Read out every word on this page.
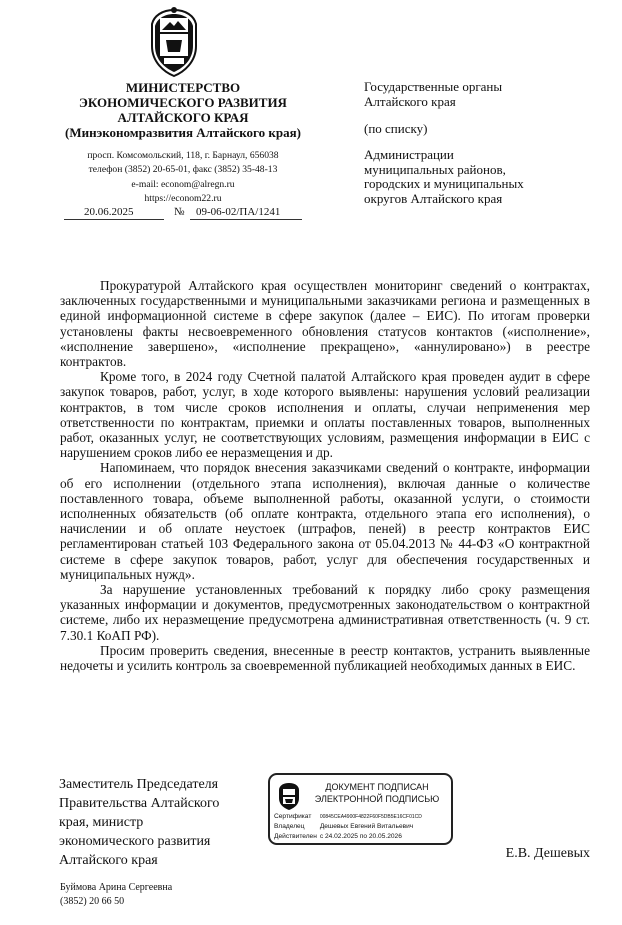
МИНИСТЕРСТВО
ЭКОНОМИЧЕСКОГО РАЗВИТИЯ
АЛТАЙСКОГО КРАЯ
(Минэкономразвития Алтайского края)
просп. Комсомольский, 118, г. Барнаул, 656038
телефон (3852) 20-65-01, факс (3852) 35-48-13
e-mail: econom@alregn.ru
https://econom22.ru
20.06.2025	№ 09-06-02/ПА/1241
Государственные органы
Алтайского края
(по списку)
Администрации
муниципальных районов,
городских и муниципальных
округов Алтайского края

Прокуратурой Алтайского края осуществлен мониторинг сведений о контрактах, заключенных государственными и муниципальными заказчиками региона и размещенных в единой информационной системе в сфере закупок (далее – ЕИС). По итогам проверки установлены факты несвоевременного обновления статусов контактов («исполнение», «исполнение завершено», «исполнение прекращено», «аннулировано») в реестре контрактов.

Кроме того, в 2024 году Счетной палатой Алтайского края проведен аудит в сфере закупок товаров, работ, услуг, в ходе которого выявлены: нарушения условий реализации контрактов, в том числе сроков исполнения и оплаты, случаи неприменения мер ответственности по контрактам, приемки и оплаты поставленных товаров, выполненных работ, оказанных услуг, не соответствующих условиям, размещения информации в ЕИС с нарушением сроков либо ее неразмещения и др.

Напоминаем, что порядок внесения заказчиками сведений о контракте, информации об его исполнении (отдельного этапа исполнения), включая данные о количестве поставленного товара, объеме выполненной работы, оказанной услуги, о стоимости исполненных обязательств (об оплате контракта, отдельного этапа его исполнения), о начислении и об оплате неустоек (штрафов, пеней) в реестр контрактов ЕИС регламентирован статьей 103 Федерального закона от 05.04.2013 № 44-ФЗ «О контрактной системе в сфере закупок товаров, работ, услуг для обеспечения государственных и муниципальных нужд».

За нарушение установленных требований к порядку либо сроку размещения указанных информации и документов, предусмотренных законодательством о контрактной системе, либо их неразмещение предусмотрена административная ответственность (ч. 9 ст. 7.30.1 КоАП РФ).

Просим проверить сведения, внесенные в реестр контактов, устранить выявленные недочеты и усилить контроль за своевременной публикацией необходимых данных в ЕИС.

Заместитель Председателя
Правительства Алтайского
края, министр
экономического развития
Алтайского края
ДОКУМЕНТ ПОДПИСАН
ЭЛЕКТРОННОЙ ПОДПИСЬЮ
Сертификат 00845CEA4900F4822F60F5DB5E16CF01CD
Владелец Дешевых Евгений Витальевич
Действителен с 24.02.2025 по 20.05.2026
Е.В. Дешевых
Буймова Арина Сергеевна
(3852) 20 66 50
